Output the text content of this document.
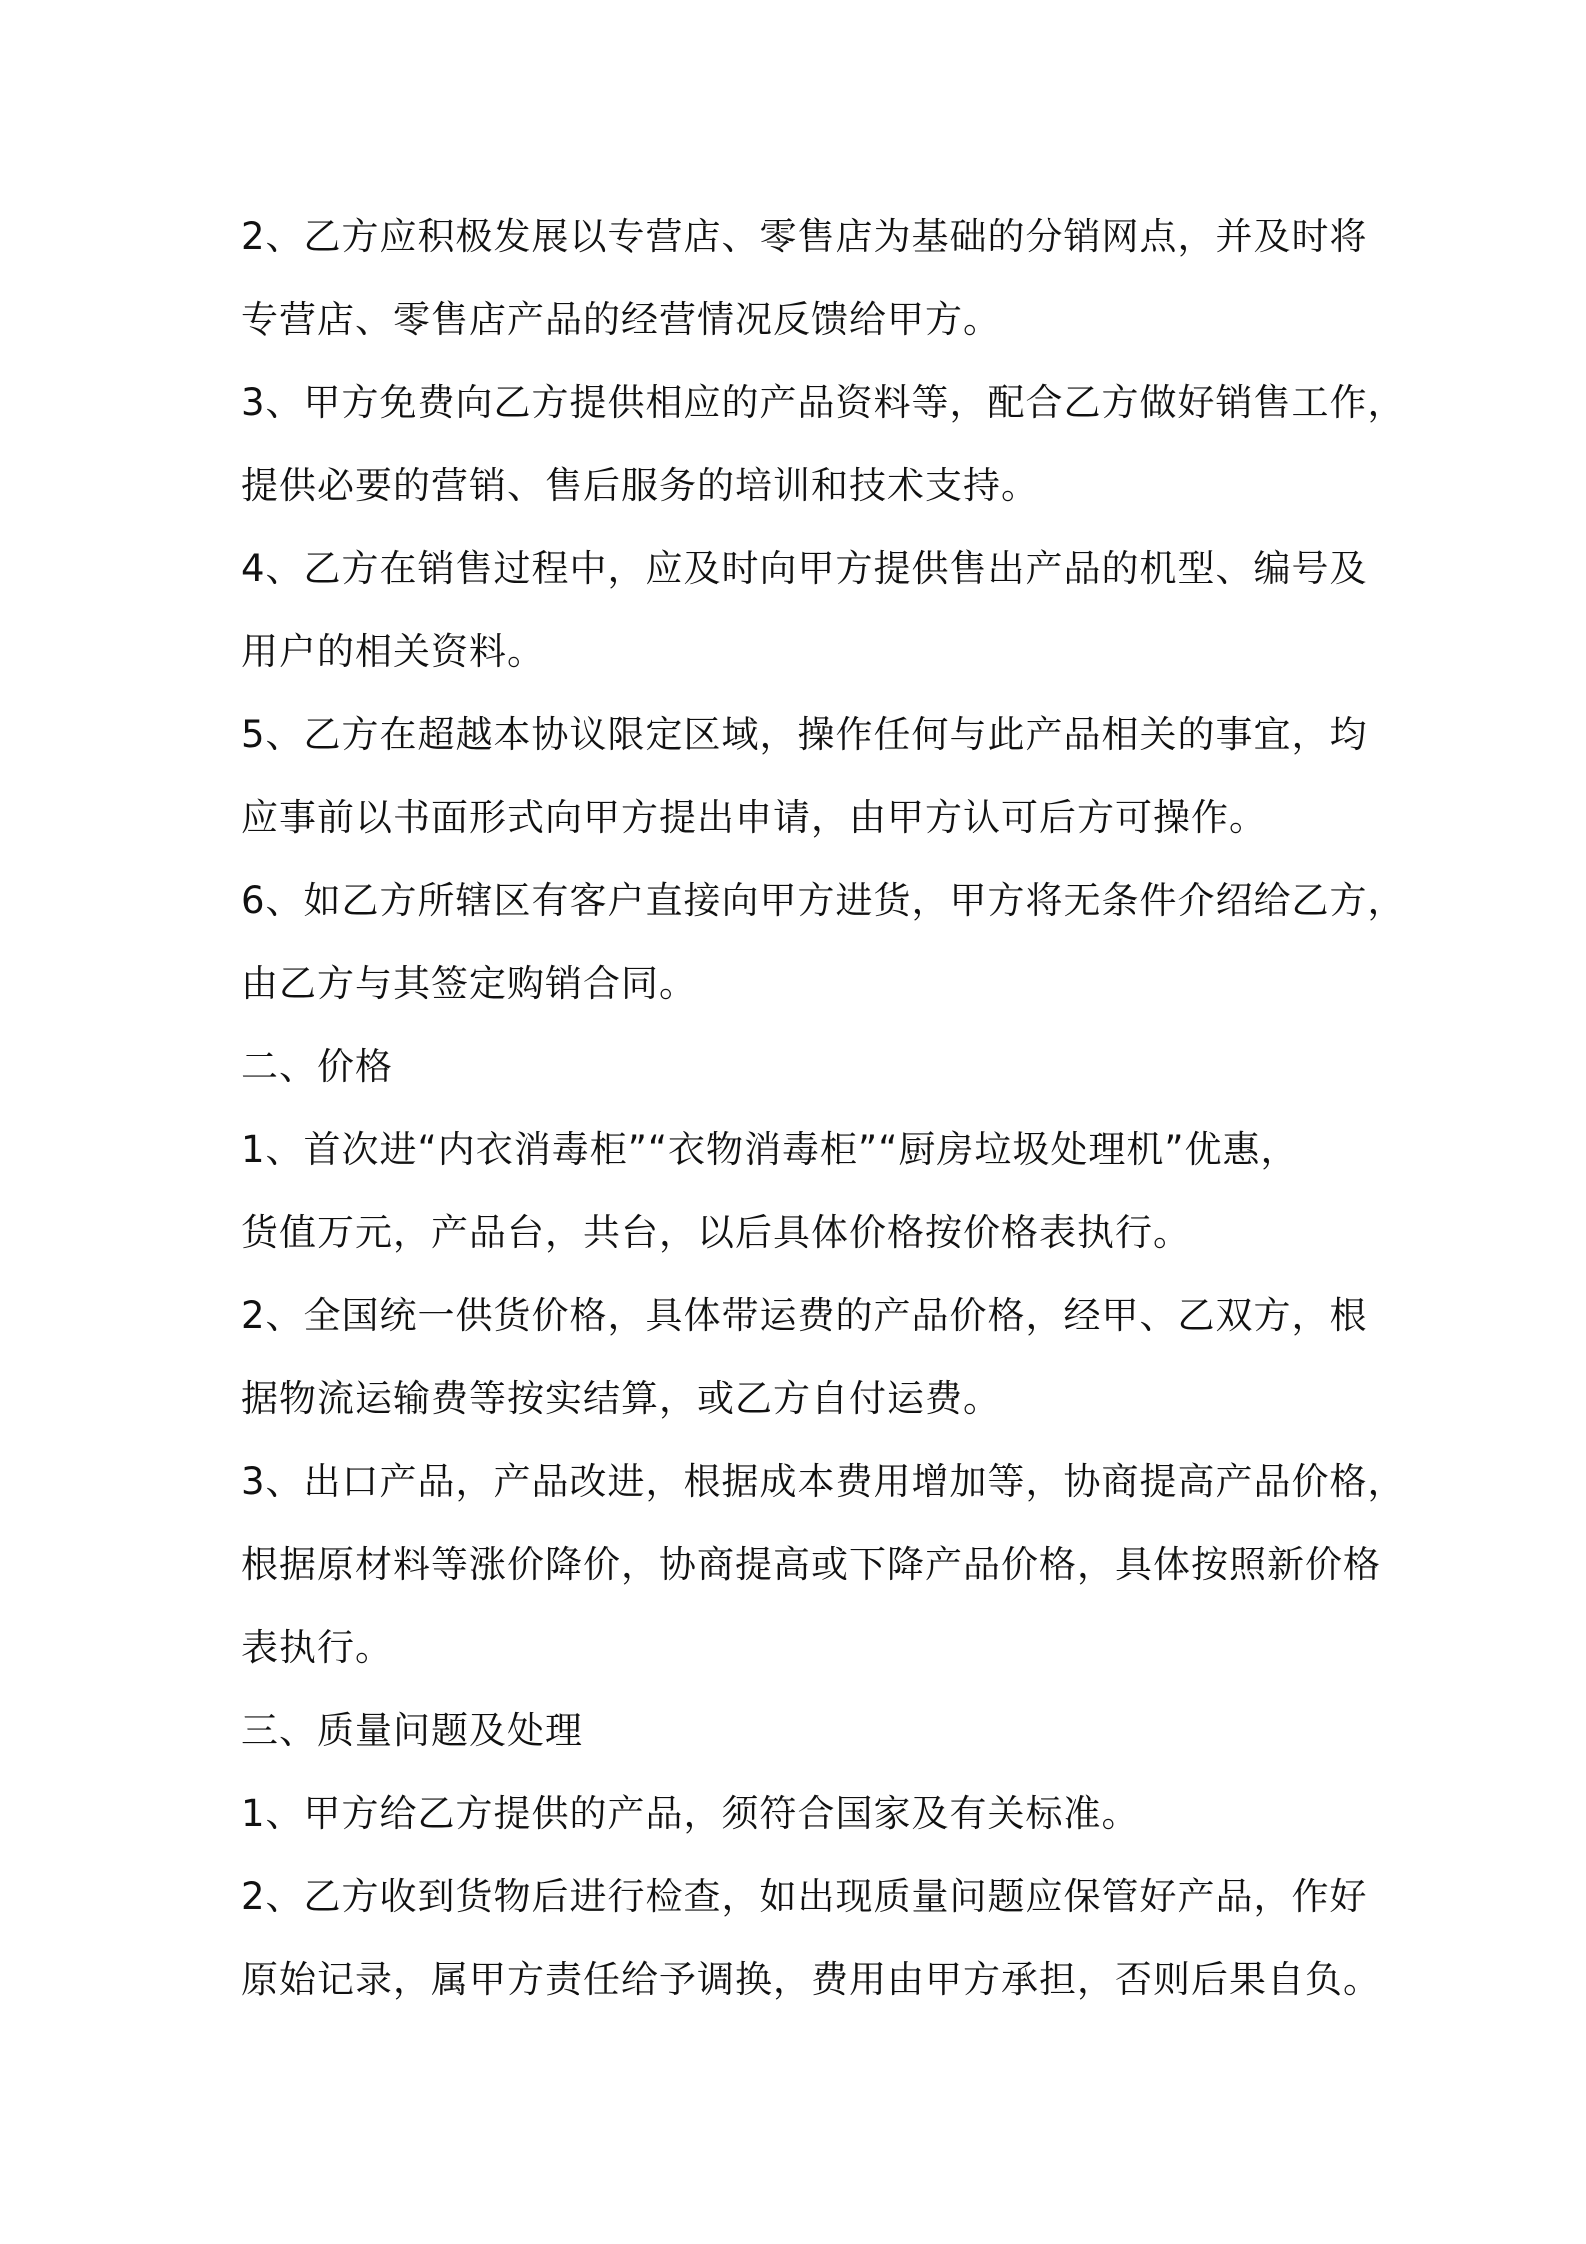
2、乙方应积极发展以专营店、零售店为基础的分销网点，并及时将
专营店、零售店产品的经营情况反馈给甲方。
3、甲方免费向乙方提供相应的产品资料等，配合乙方做好销售工作，
提供必要的营销、售后服务的培训和技术支持。
4、乙方在销售过程中，应及时向甲方提供售出产品的机型、编号及
用户的相关资料。
5、乙方在超越本协议限定区域，操作任何与此产品相关的事宜，均
应事前以书面形式向甲方提出申请，由甲方认可后方可操作。
6、如乙方所辖区有客户直接向甲方进货，甲方将无条件介绍给乙方，
由乙方与其签定购销合同。
二、价格
1、首次进“内衣消毒柜”“衣物消毒柜”“厨房垃圾处理机”优惠，
货值万元，产品台，共台，以后具体价格按价格表执行。
2、全国统一供货价格，具体带运费的产品价格，经甲、乙双方，根
据物流运输费等按实结算，或乙方自付运费。
3、出口产品，产品改进，根据成本费用增加等，协商提高产品价格，
根据原材料等涨价降价，协商提高或下降产品价格，具体按照新价格
表执行。
三、质量问题及处理
1、甲方给乙方提供的产品，须符合国家及有关标准。
2、乙方收到货物后进行检查，如出现质量问题应保管好产品，作好
原始记录，属甲方责任给予调换，费用由甲方承担，否则后果自负。
